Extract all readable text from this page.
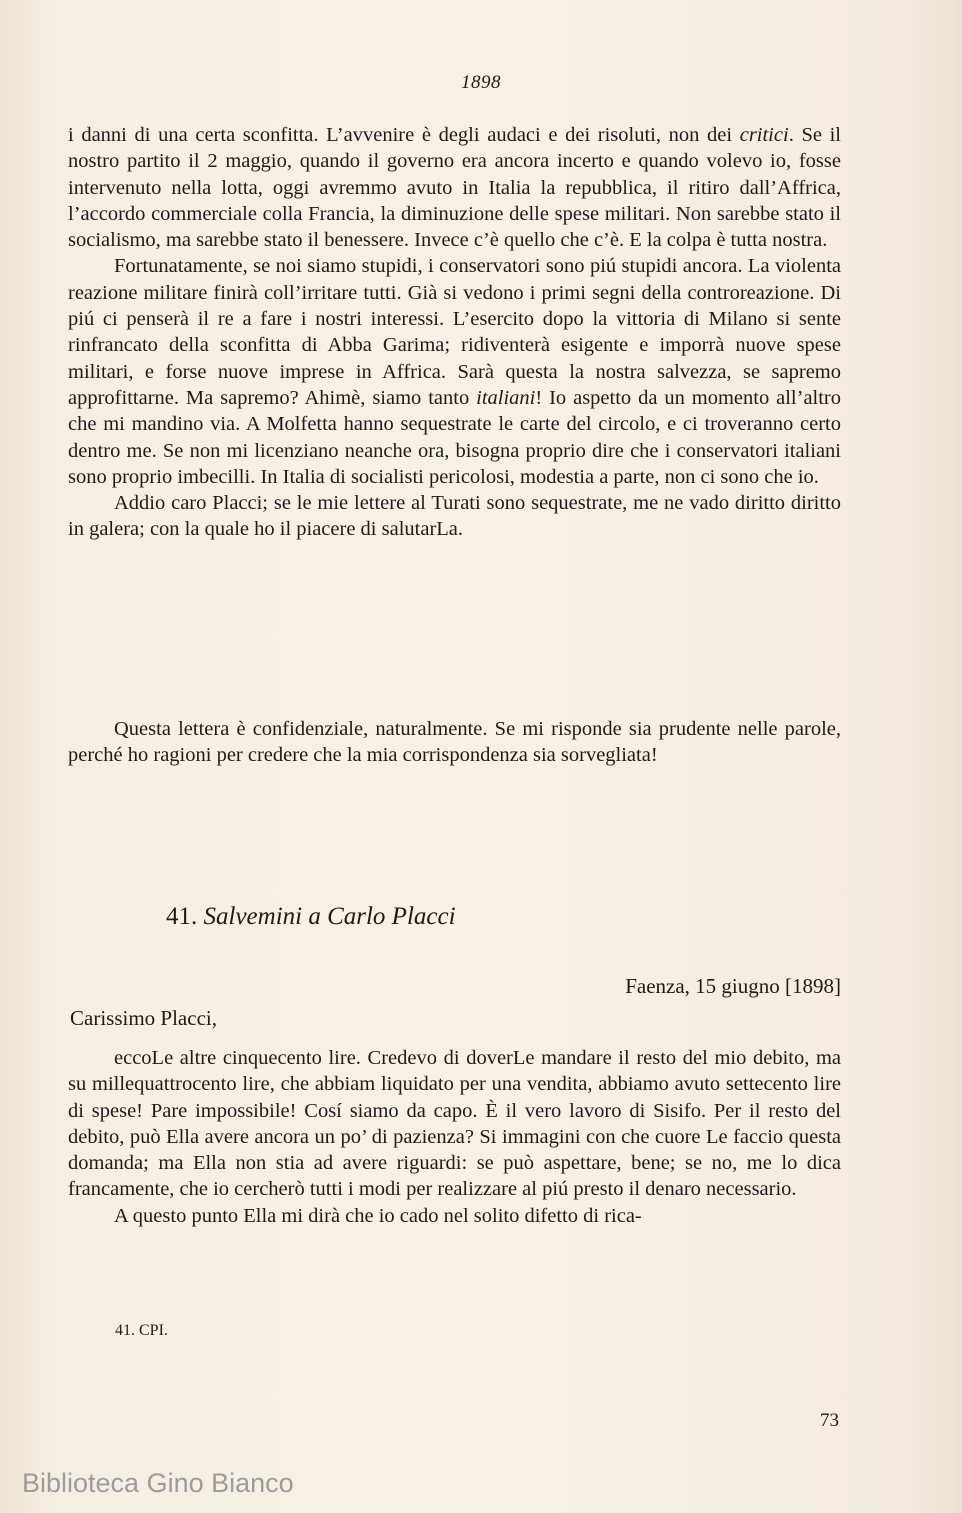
1898

i danni di una certa sconfitta. L’avvenire è degli audaci e dei risoluti, non dei critici. Se il nostro partito il 2 maggio, quando il governo era ancora incerto e quando volevo io, fosse intervenuto nella lotta, oggi avremmo avuto in Italia la repubblica, il ritiro dall’Affrica, l’accordo commerciale colla Francia, la diminuzione delle spese militari. Non sarebbe stato il socialismo, ma sarebbe stato il benessere. Invece c’è quello che c’è. E la colpa è tutta nostra.

Fortunatamente, se noi siamo stupidi, i conservatori sono piú stupidi ancora. La violenta reazione militare finirà coll’irritare tutti. Già si vedono i primi segni della controreazione. Di piú ci penserà il re a fare i nostri interessi. L’esercito dopo la vittoria di Milano si sente rinfrancato della sconfitta di Abba Garima; ridiventerà esigente e imporrà nuove spese militari, e forse nuove imprese in Affrica. Sarà questa la nostra salvezza, se sapremo approfittarne. Ma sapremo? Ahimè, siamo tanto italiani! Io aspetto da un momento all’altro che mi mandino via. A Molfetta hanno sequestrate le carte del circolo, e ci troveranno certo dentro me. Se non mi licenziano neanche ora, bisogna proprio dire che i conservatori italiani sono proprio imbecilli. In Italia di socialisti pericolosi, modestia a parte, non ci sono che io.

Addio caro Placci; se le mie lettere al Turati sono sequestrate, me ne vado diritto diritto in galera; con la quale ho il piacere di salutarLa.

Questa lettera è confidenziale, naturalmente. Se mi risponde sia prudente nelle parole, perché ho ragioni per credere che la mia corrispondenza sia sorvegliata!

41. Salvemini a Carlo Placci
Faenza, 15 giugno [1898]
Carissimo Placci,

eccoLe altre cinquecento lire. Credevo di doverLe mandare il resto del mio debito, ma su millequattrocento lire, che abbiam liquidato per una vendita, abbiamo avuto settecento lire di spese! Pare impossibile! Cosí siamo da capo. È il vero lavoro di Sisifo. Per il resto del debito, può Ella avere ancora un po’ di pazienza? Si immagini con che cuore Le faccio questa domanda; ma Ella non stia ad avere riguardi: se può aspettare, bene; se no, me lo dica francamente, che io cercherò tutti i modi per realizzare al piú presto il denaro necessario.

A questo punto Ella mi dirà che io cado nel solito difetto di rica-

41. CPI.
73
Biblioteca Gino Bianco
